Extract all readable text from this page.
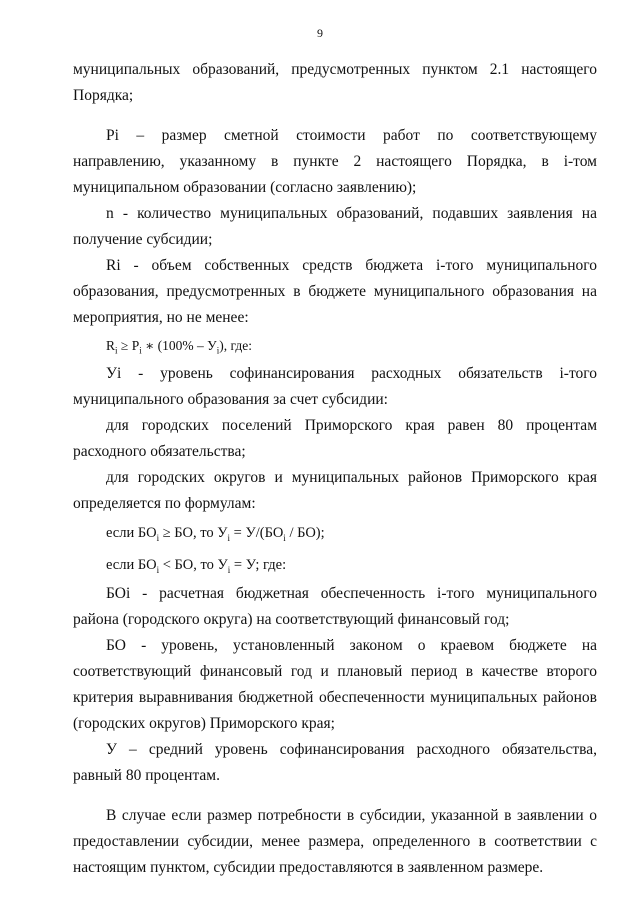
9

муниципальных образований, предусмотренных пунктом 2.1 настоящего Порядка;

Pi – размер сметной стоимости работ по соответствующему направлению, указанному в пункте 2 настоящего Порядка, в i-том муниципальном образовании (согласно заявлению);

n - количество муниципальных образований, подавших заявления на получение субсидии;

Ri - объем собственных средств бюджета i-того муниципального образования, предусмотренных в бюджете муниципального образования на мероприятия, но не менее:

$R_i \ge P_i$ ∗ $(100\% - У_i)$, где:

Уi - уровень софинансирования расходных обязательств i-того муниципального образования за счет субсидии:

для городских поселений Приморского края равен 80 процентам расходного обязательства;

для городских округов и муниципальных районов Приморского края определяется по формулам:

если $БО_i$ ≥ БО, то $У_i = У/(БО_i / БО)$;
если $БО_i$ < БО, то $У_i = У$; где:

БОi - расчетная бюджетная обеспеченность i-того муниципального района (городского округа) на соответствующий финансовый год;

БО - уровень, установленный законом о краевом бюджете на соответствующий финансовый год и плановый период в качестве второго критерия выравнивания бюджетной обеспеченности муниципальных районов (городских округов) Приморского края;

У – средний уровень софинансирования расходного обязательства, равный 80 процентам.

В случае если размер потребности в субсидии, указанной в заявлении о предоставлении субсидии, менее размера, определенного в соответствии с настоящим пунктом, субсидии предоставляются в заявленном размере.
